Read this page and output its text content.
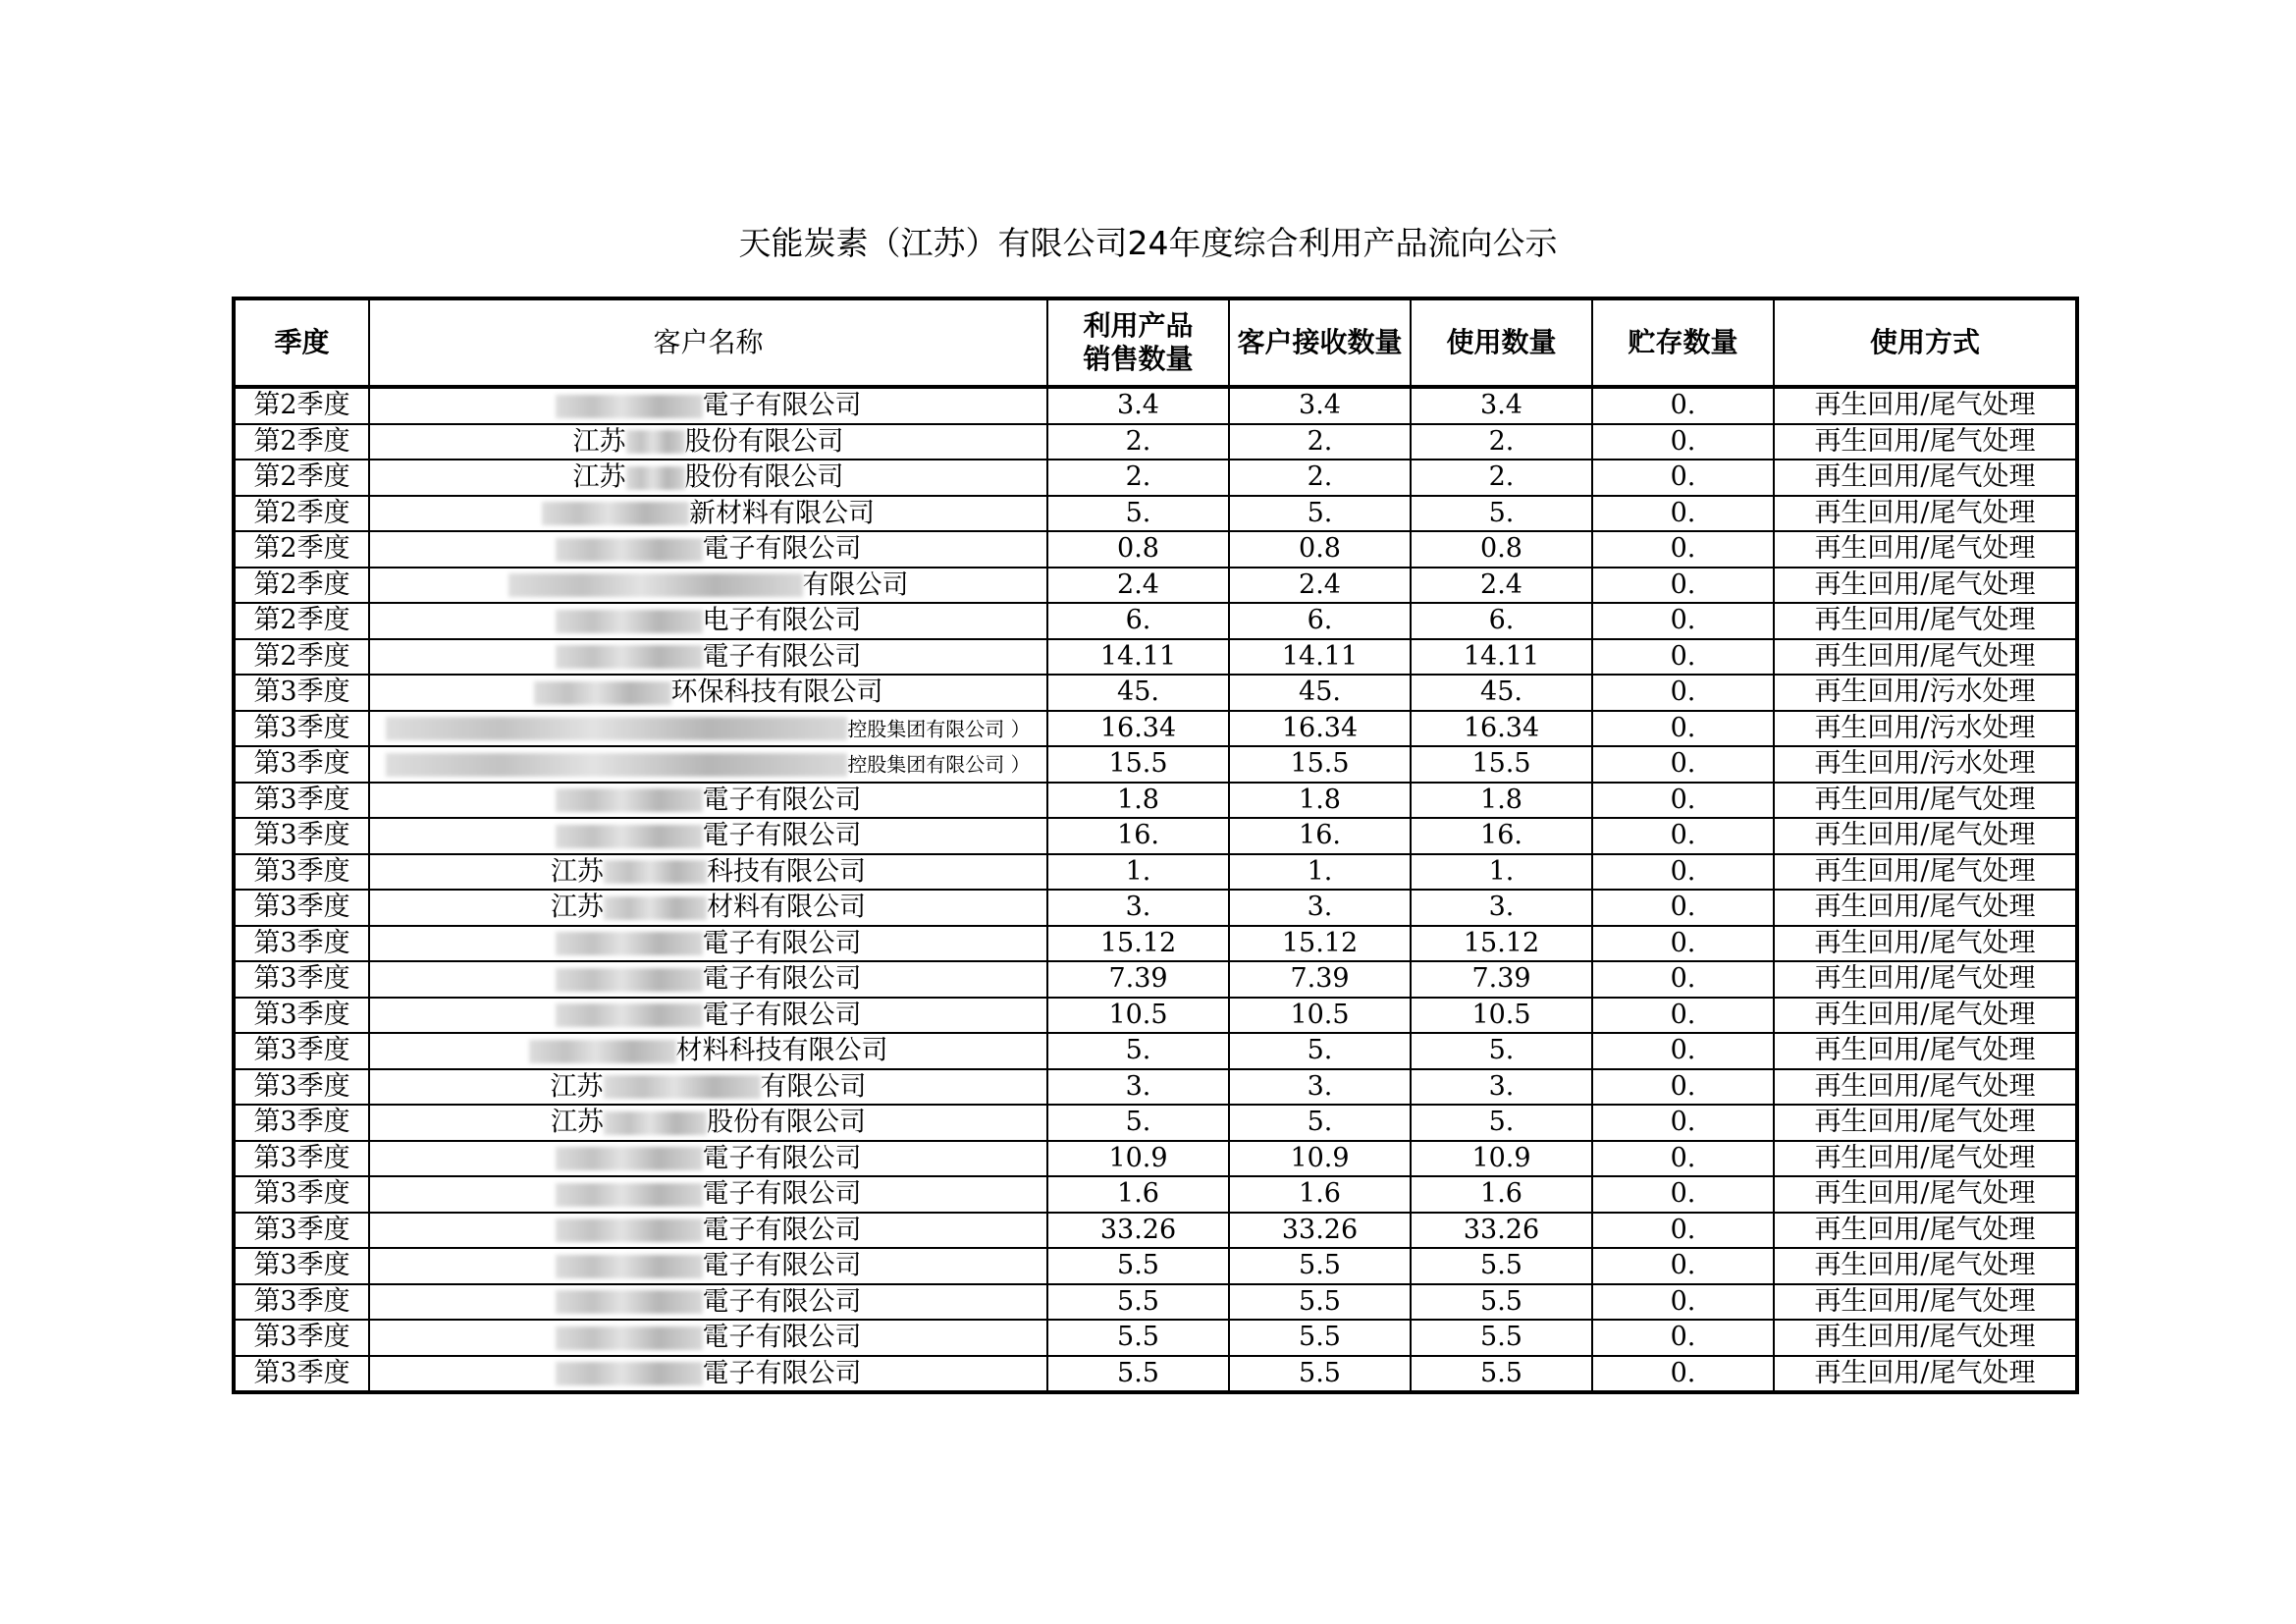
天能炭素（江苏）有限公司24年度综合利用产品流向公示
季度	客户名称	利用产品销售数量	客户接收数量	使用数量	贮存数量	使用方式
第2季度	電子有限公司	3.4	3.4	3.4	0.	再生回用/尾气处理
第2季度	江苏 股份有限公司	2.	2.	2.	0.	再生回用/尾气处理
第2季度	江苏 股份有限公司	2.	2.	2.	0.	再生回用/尾气处理
第2季度	新材料有限公司	5.	5.	5.	0.	再生回用/尾气处理
第2季度	電子有限公司	0.8	0.8	0.8	0.	再生回用/尾气处理
第2季度	有限公司	2.4	2.4	2.4	0.	再生回用/尾气处理
第2季度	电子有限公司	6.	6.	6.	0.	再生回用/尾气处理
第2季度	電子有限公司	14.11	14.11	14.11	0.	再生回用/尾气处理
第3季度	环保科技有限公司	45.	45.	45.	0.	再生回用/污水处理
第3季度	控股集团有限公司 ）	16.34	16.34	16.34	0.	再生回用/污水处理
第3季度	控股集团有限公司 ）	15.5	15.5	15.5	0.	再生回用/污水处理
第3季度	電子有限公司	1.8	1.8	1.8	0.	再生回用/尾气处理
第3季度	電子有限公司	16.	16.	16.	0.	再生回用/尾气处理
第3季度	江苏 科技有限公司	1.	1.	1.	0.	再生回用/尾气处理
第3季度	江苏 材料有限公司	3.	3.	3.	0.	再生回用/尾气处理
第3季度	電子有限公司	15.12	15.12	15.12	0.	再生回用/尾气处理
第3季度	電子有限公司	7.39	7.39	7.39	0.	再生回用/尾气处理
第3季度	電子有限公司	10.5	10.5	10.5	0.	再生回用/尾气处理
第3季度	材料科技有限公司	5.	5.	5.	0.	再生回用/尾气处理
第3季度	江苏 有限公司	3.	3.	3.	0.	再生回用/尾气处理
第3季度	江苏 股份有限公司	5.	5.	5.	0.	再生回用/尾气处理
第3季度	電子有限公司	10.9	10.9	10.9	0.	再生回用/尾气处理
第3季度	電子有限公司	1.6	1.6	1.6	0.	再生回用/尾气处理
第3季度	電子有限公司	33.26	33.26	33.26	0.	再生回用/尾气处理
第3季度	電子有限公司	5.5	5.5	5.5	0.	再生回用/尾气处理
第3季度	電子有限公司	5.5	5.5	5.5	0.	再生回用/尾气处理
第3季度	電子有限公司	5.5	5.5	5.5	0.	再生回用/尾气处理
第3季度	電子有限公司	5.5	5.5	5.5	0.	再生回用/尾气处理
